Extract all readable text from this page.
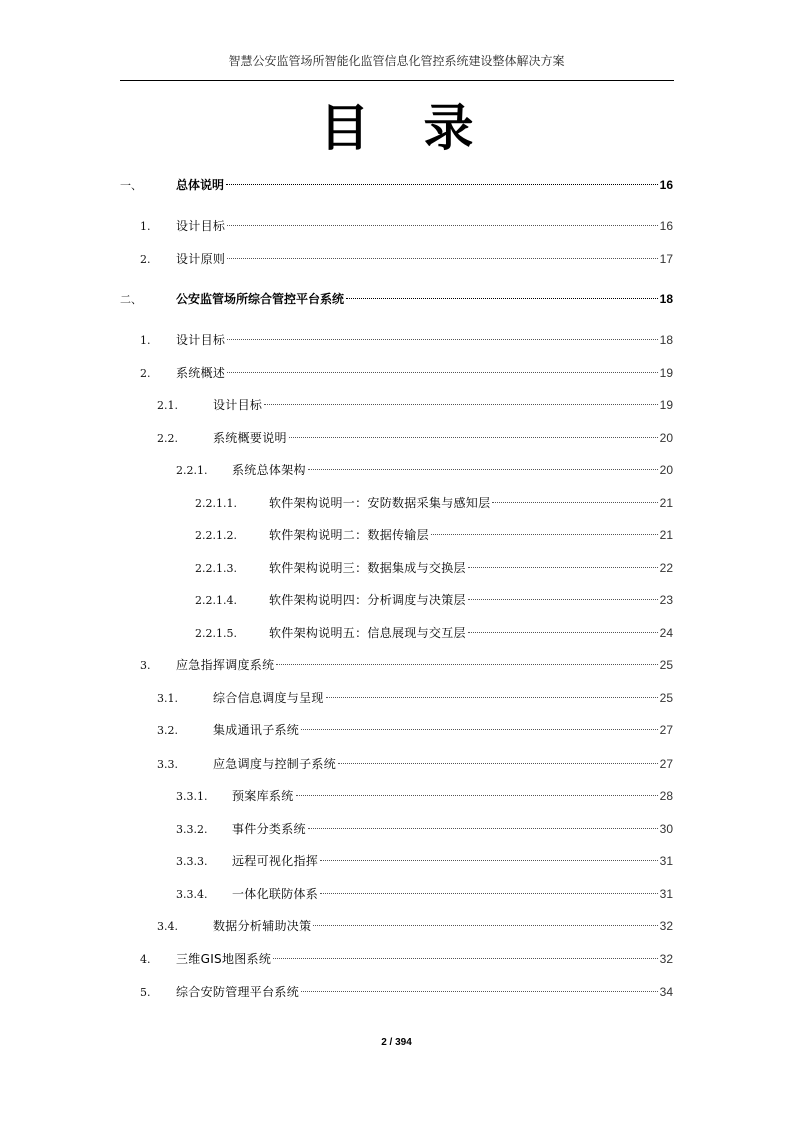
智慧公安监管场所智能化监管信息化管控系统建设整体解决方案
目 录
一、	总体说明	16
1.	设计目标	16
2.	设计原则	17
二、	公安监管场所综合管控平台系统	18
1.	设计目标	18
2.	系统概述	19
2.1.	设计目标	19
2.2.	系统概要说明	20
2.2.1.	系统总体架构	20
2.2.1.1.	软件架构说明一：安防数据采集与感知层	21
2.2.1.2.	软件架构说明二：数据传输层	21
2.2.1.3.	软件架构说明三：数据集成与交换层	22
2.2.1.4.	软件架构说明四：分析调度与决策层	23
2.2.1.5.	软件架构说明五：信息展现与交互层	24
3.	应急指挥调度系统	25
3.1.	综合信息调度与呈现	25
3.2.	集成通讯子系统	27
3.3.	应急调度与控制子系统	27
3.3.1.	预案库系统	28
3.3.2.	事件分类系统	30
3.3.3.	远程可视化指挥	31
3.3.4.	一体化联防体系	31
3.4.	数据分析辅助决策	32
4.	三维GIS地图系统	32
5.	综合安防管理平台系统	34
2 / 394
